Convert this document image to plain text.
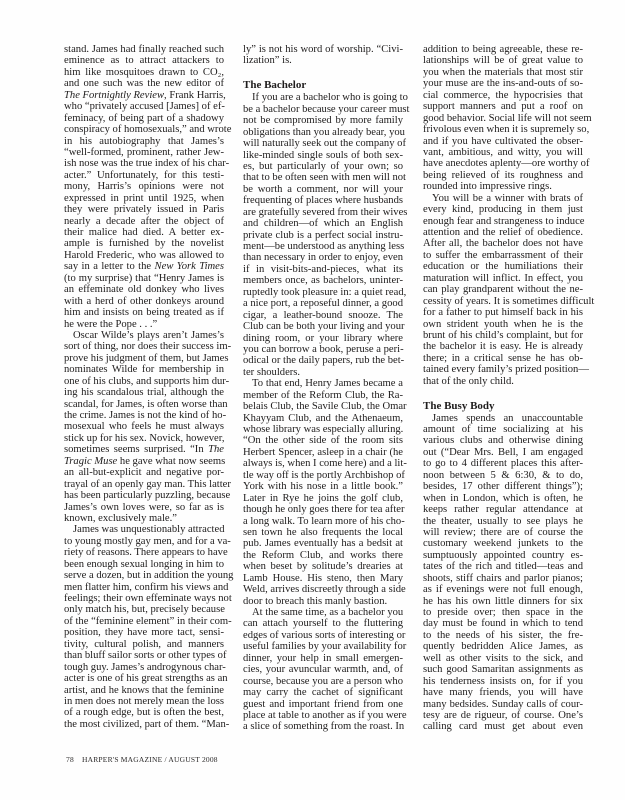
stand. James had finally reached such
eminence as to attract attackers to
him like mosquitoes drawn to CO₂,
and one such was the new editor of
The Fortnightly Review, Frank Harris,
who “privately accused [James] of ef-
feminacy, of being part of a shadowy
conspiracy of homosexuals,” and wrote
in his autobiography that James’s
“well-formed, prominent, rather Jew-
ish nose was the true index of his char-
acter.” Unfortunately, for this testi-
mony, Harris’s opinions were not
expressed in print until 1925, when
they were privately issued in Paris
nearly a decade after the object of
their malice had died. A better ex-
ample is furnished by the novelist
Harold Frederic, who was allowed to
say in a letter to the New York Times
(to my surprise) that “Henry James is
an effeminate old donkey who lives
with a herd of other donkeys around
him and insists on being treated as if
he were the Pope . . .”
Oscar Wilde’s plays aren’t James’s
sort of thing, nor does their success im-
prove his judgment of them, but James
nominates Wilde for membership in
one of his clubs, and supports him dur-
ing his scandalous trial, although the
scandal, for James, is often worse than
the crime. James is not the kind of ho-
mosexual who feels he must always
stick up for his sex. Novick, however,
sometimes seems surprised. “In The
Tragic Muse he gave what now seems
an all-but-explicit and negative por-
trayal of an openly gay man. This latter
has been particularly puzzling, because
James’s own loves were, so far as is
known, exclusively male.”
James was unquestionably attracted
to young mostly gay men, and for a va-
riety of reasons. There appears to have
been enough sexual longing in him to
serve a dozen, but in addition the young
men flatter him, confirm his views and
feelings; their own effeminate ways not
only match his, but, precisely because
of the “feminine element” in their com-
position, they have more tact, sensi-
tivity, cultural polish, and manners
than bluff sailor sorts or other types of
tough guy. James’s androgynous char-
acter is one of his great strengths as an
artist, and he knows that the feminine
in men does not merely mean the loss
of a rough edge, but is often the best,
the most civilized, part of them. “Man-
ly” is not his word of worship. “Civi-
lization” is.
The Bachelor
If you are a bachelor who is going to
be a bachelor because your career must
not be compromised by more family
obligations than you already bear, you
will naturally seek out the company of
like-minded single souls of both sex-
es, but particularly of your own; so
that to be often seen with men will not
be worth a comment, nor will your
frequenting of places where husbands
are gratefully severed from their wives
and children—of which an English
private club is a perfect social instru-
ment—be understood as anything less
than necessary in order to enjoy, even
if in visit-bits-and-pieces, what its
members once, as bachelors, uninter-
ruptedly took pleasure in: a quiet read,
a nice port, a reposeful dinner, a good
cigar, a leather-bound snooze. The
Club can be both your living and your
dining room, or your library where
you can borrow a book, peruse a peri-
odical or the daily papers, rub the bet-
ter shoulders.
To that end, Henry James became a
member of the Reform Club, the Ra-
belais Club, the Savile Club, the Omar
Khayyam Club, and the Athenaeum,
whose library was especially alluring.
“On the other side of the room sits
Herbert Spencer, asleep in a chair (he
always is, when I come here) and a lit-
tle way off is the portly Archbishop of
York with his nose in a little book.”
Later in Rye he joins the golf club,
though he only goes there for tea after
a long walk. To learn more of his cho-
sen town he also frequents the local
pub. James eventually has a bedsit at
the Reform Club, and works there
when beset by solitude’s drearies at
Lamb House. His steno, then Mary
Weld, arrives discreetly through a side
door to breach this manly bastion.
At the same time, as a bachelor you
can attach yourself to the fluttering
edges of various sorts of interesting or
useful families by your availability for
dinner, your help in small emergen-
cies, your avuncular warmth, and, of
course, because you are a person who
may carry the cachet of significant
guest and important friend from one
place at table to another as if you were
a slice of something from the roast. In
addition to being agreeable, these re-
lationships will be of great value to
you when the materials that most stir
your muse are the ins-and-outs of so-
cial commerce, the hypocrisies that
support manners and put a roof on
good behavior. Social life will not seem
frivolous even when it is supremely so,
and if you have cultivated the obser-
vant, ambitious, and witty, you will
have anecdotes aplenty—ore worthy of
being relieved of its roughness and
rounded into impressive rings.
You will be a winner with brats of
every kind, producing in them just
enough fear and strangeness to induce
attention and the relief of obedience.
After all, the bachelor does not have
to suffer the embarrassment of their
education or the humiliations their
maturation will inflict. In effect, you
can play grandparent without the ne-
cessity of years. It is sometimes difficult
for a father to put himself back in his
own strident youth when he is the
brunt of his child’s complaint, but for
the bachelor it is easy. He is already
there; in a critical sense he has ob-
tained every family’s prized position—
that of the only child.
The Busy Body
James spends an unaccountable
amount of time socializing at his
various clubs and otherwise dining
out (“Dear Mrs. Bell, I am engaged
to go to 4 different places this after-
noon between 5 & 6:30, & to do,
besides, 17 other different things”);
when in London, which is often, he
keeps rather regular attendance at
the theater, usually to see plays he
will review; there are of course the
customary weekend junkets to the
sumptuously appointed country es-
tates of the rich and titled—teas and
shoots, stiff chairs and parlor pianos;
as if evenings were not full enough,
he has his own little dinners for six
to preside over; then space in the
day must be found in which to tend
to the needs of his sister, the fre-
quently bedridden Alice James, as
well as other visits to the sick, and
such good Samaritan assignments as
his tenderness insists on, for if you
have many friends, you will have
many bedsides. Sunday calls of cour-
tesy are de rigueur, of course. One’s
calling card must get about even
78 HARPER'S MAGAZINE / AUGUST 2008
